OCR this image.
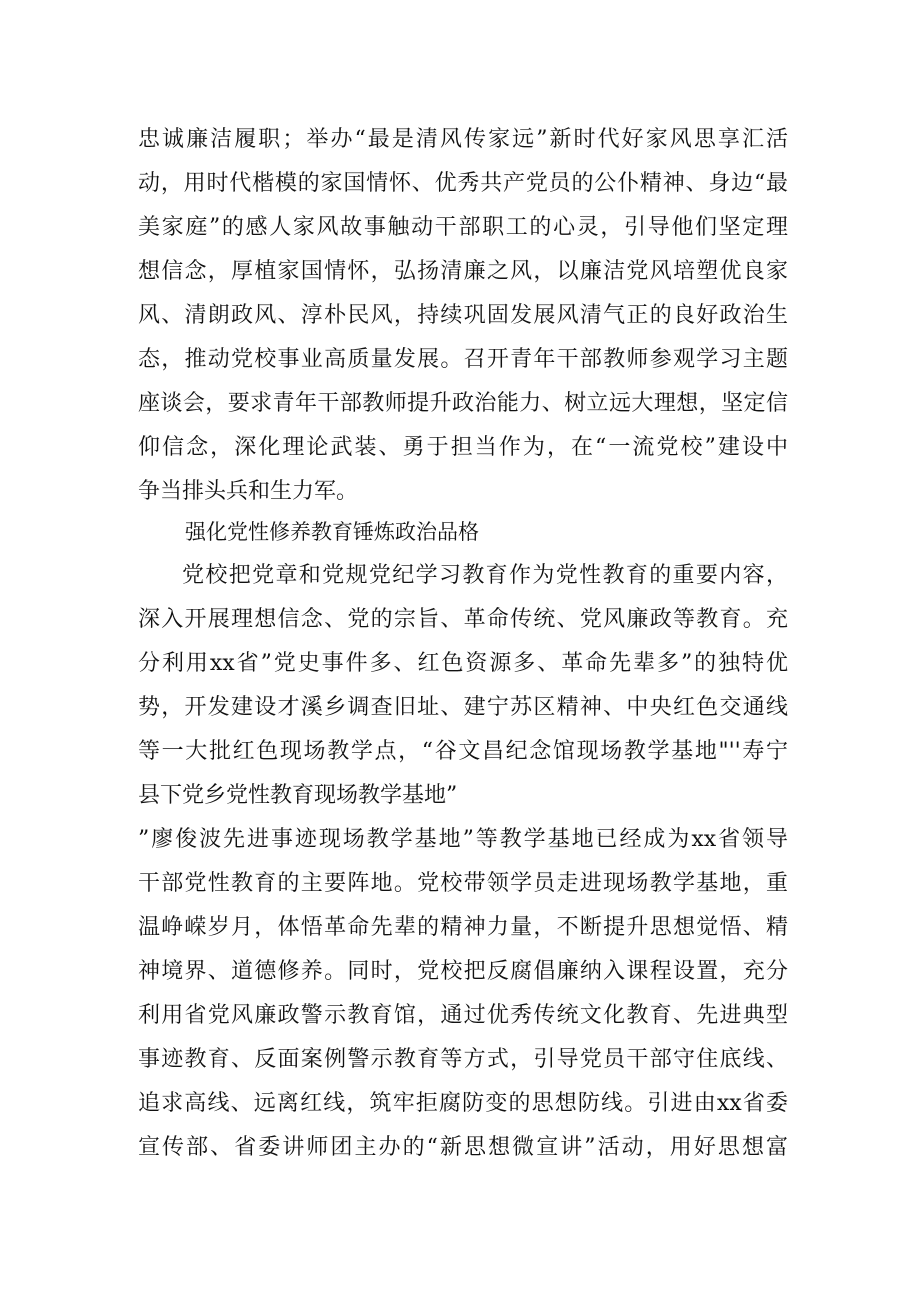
忠诚廉洁履职；举办“最是清风传家远”新时代好家风思享汇活
动，用时代楷模的家国情怀、优秀共产党员的公仆精神、身边“最
美家庭”的感人家风故事触动干部职工的心灵，引导他们坚定理
想信念，厚植家国情怀，弘扬清廉之风，以廉洁党风培塑优良家
风、清朗政风、淳朴民风，持续巩固发展风清气正的良好政治生
态，推动党校事业高质量发展。召开青年干部教师参观学习主题
座谈会，要求青年干部教师提升政治能力、树立远大理想，坚定信
仰信念，深化理论武装、勇于担当作为，在“一流党校”建设中
争当排头兵和生力军。
强化党性修养教育锤炼政治品格
党校把党章和党规党纪学习教育作为党性教育的重要内容，
深入开展理想信念、党的宗旨、革命传统、党风廉政等教育。充
分利用xx省”党史事件多、红色资源多、革命先辈多”的独特优
势，开发建设才溪乡调查旧址、建宁苏区精神、中央红色交通线
等一大批红色现场教学点，“谷文昌纪念馆现场教学基地"''寿宁
县下党乡党性教育现场教学基地”
”廖俊波先进事迹现场教学基地”等教学基地已经成为xx省领导
干部党性教育的主要阵地。党校带领学员走进现场教学基地，重
温峥嵘岁月，体悟革命先辈的精神力量，不断提升思想觉悟、精
神境界、道德修养。同时，党校把反腐倡廉纳入课程设置，充分
利用省党风廉政警示教育馆，通过优秀传统文化教育、先进典型
事迹教育、反面案例警示教育等方式，引导党员干部守住底线、
追求高线、远离红线，筑牢拒腐防变的思想防线。引进由xx省委
宣传部、省委讲师团主办的“新思想微宣讲”活动，用好思想富
